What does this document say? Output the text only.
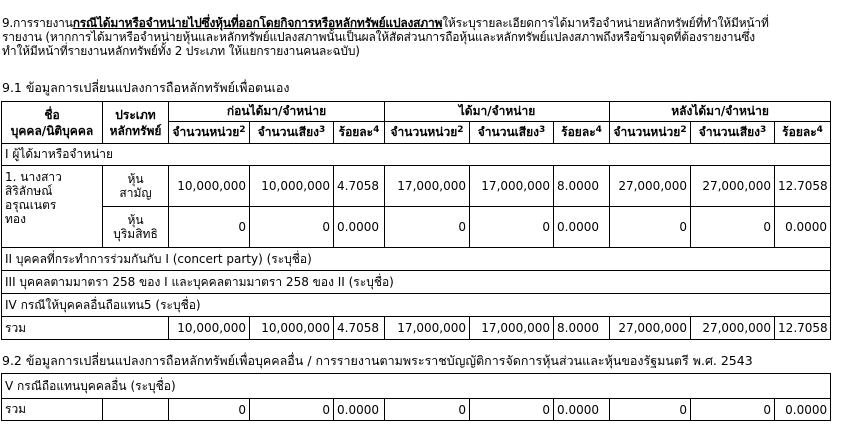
9.การรายงานกรณีได้มาหรือจำหน่ายไปซึ่งหุ้นที่ออกโดยกิจการหรือหลักทรัพย์แปลงสภาพให้ระบุรายละเอียดการได้มาหรือจำหน่ายหลักทรัพย์ที่ทำให้มีหน้าที่
รายงาน (หากการได้มาหรือจำหน่ายหุ้นและหลักทรัพย์แปลงสภาพนั้นเป็นผลให้สัดส่วนการถือหุ้นและหลักทรัพย์แปลงสภาพถึงหรือข้ามจุดที่ต้องรายงานซึ่ง
ทำให้มีหน้าที่รายงานหลักทรัพย์ทั้ง 2 ประเภท ให้แยกรายงานคนละฉบับ)
9.1 ข้อมูลการเปลี่ยนแปลงการถือหลักทรัพย์เพื่อตนเอง
ชื่อ
บุคคล/นิติบุคคล	ประเภท
หลักทรัพย์	ก่อนได้มา/จำหน่าย			ได้มา/จำหน่าย			หลังได้มา/จำหน่าย		
		จำนวนหน่วย$^2$	จำนวนเสียง$^3$	ร้อยละ$^4$	จำนวนหน่วย$^2$	จำนวนเสียง$^3$	ร้อยละ$^4$	จำนวนหน่วย$^2$	จำนวนเสียง$^3$	ร้อยละ$^4$
I ผู้ได้มาหรือจำหน่าย										
1. นางสาว
สิริลักษณ์
อรุณเนตร
ทอง	หุ้น
สามัญ	10,000,000	10,000,000	4.7058	17,000,000	17,000,000	8.0000	27,000,000	27,000,000	12.7058
	หุ้น
บุริมสิทธิ	0	0	0.0000	0	0	0.0000	0	0	0.0000
II บุคคลที่กระทำการร่วมกันกับ I (concert party) (ระบุชื่อ)										
III บุคคลตามมาตรา 258 ของ I และบุคคลตามมาตรา 258 ของ II (ระบุชื่อ)										
IV กรณีให้บุคคลอื่นถือแทน5 (ระบุชื่อ)										
รวม		10,000,000	10,000,000	4.7058	17,000,000	17,000,000	8.0000	27,000,000	27,000,000	12.7058
9.2 ข้อมูลการเปลี่ยนแปลงการถือหลักทรัพย์เพื่อบุคคลอื่น / การรายงานตามพระราชบัญญัติการจัดการหุ้นส่วนและหุ้นของรัฐมนตรี พ.ศ. 2543
V กรณีถือแทนบุคคลอื่น (ระบุชื่อ)
รวม		0	0	0.0000	0	0	0.0000	0	0	0.0000
